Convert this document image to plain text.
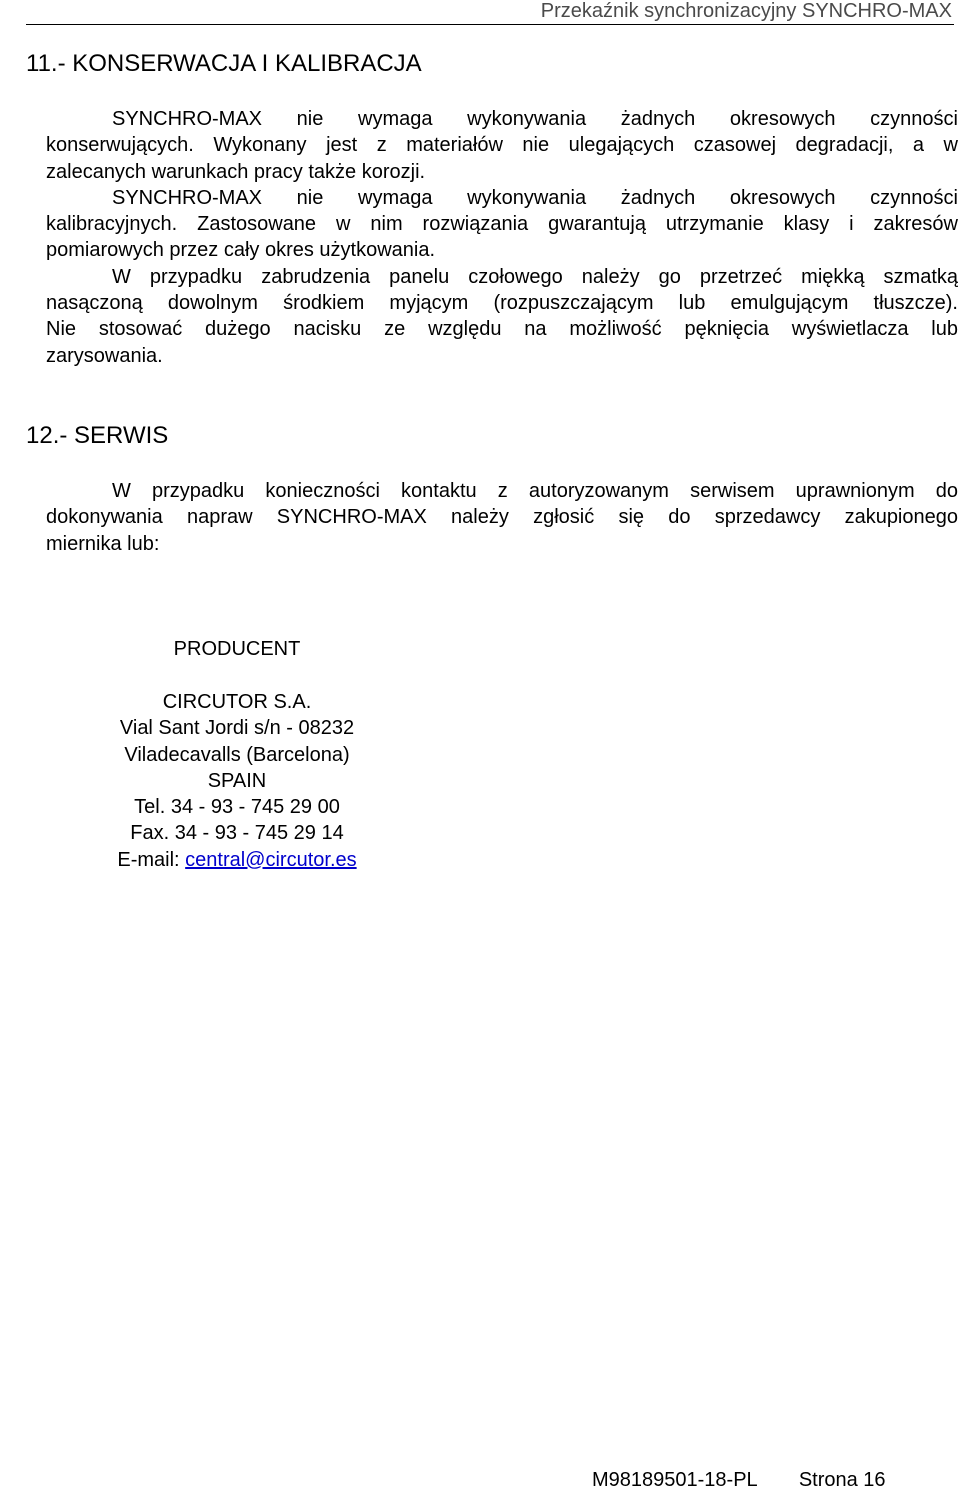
Przekaźnik synchronizacyjny SYNCHRO-MAX
11.- KONSERWACJA I KALIBRACJA

SYNCHRO-MAX nie wymaga wykonywania żadnych okresowych czynności

konserwujących. Wykonany jest z materiałów nie ulegających czasowej degradacji, a w
zalecanych warunkach pracy także korozji.

SYNCHRO-MAX nie wymaga wykonywania żadnych okresowych czynności

kalibracyjnych. Zastosowane w nim rozwiązania gwarantują utrzymanie klasy i zakresów
pomiarowych przez cały okres użytkowania.

W przypadku zabrudzenia panelu czołowego należy go przetrzeć miękką szmatką

nasączoną dowolnym środkiem myjącym (rozpuszczającym lub emulgującym tłuszcze).
Nie stosować dużego nacisku ze względu na możliwość pęknięcia wyświetlacza lub
zarysowania.

12.- SERWIS

W przypadku konieczności kontaktu z autoryzowanym serwisem uprawnionym do

dokonywania napraw SYNCHRO-MAX należy zgłosić się do sprzedawcy zakupionego
miernika lub:

PRODUCENT
CIRCUTOR S.A.
Vial Sant Jordi s/n - 08232
Viladecavalls (Barcelona)
SPAIN
Tel. 34 - 93 - 745 29 00
Fax. 34 - 93 - 745 29 14
E-mail: central@circutor.es
M98189501-18-PL Strona 16
